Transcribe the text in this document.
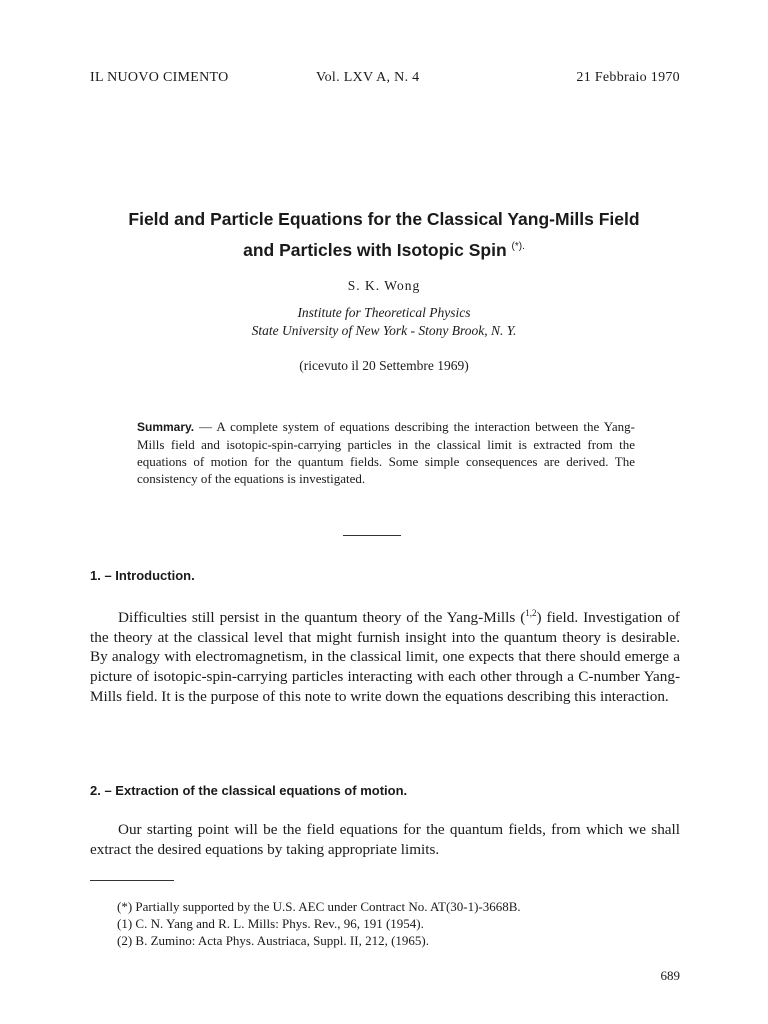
IL NUOVO CIMENTO	Vol. LXV A, N. 4	21 Febbraio 1970
Field and Particle Equations for the Classical Yang-Mills Field
and Particles with Isotopic Spin (*).
S. K. Wong
Institute for Theoretical Physics
State University of New York - Stony Brook, N. Y.
(ricevuto il 20 Settembre 1969)
Summary. — A complete system of equations describing the interaction between the Yang-Mills field and isotopic-spin-carrying particles in the classical limit is extracted from the equations of motion for the quantum fields. Some simple consequences are derived. The consistency of the equations is investigated.
1. – Introduction.
Difficulties still persist in the quantum theory of the Yang-Mills ($^{1,2}$) field. Investigation of the theory at the classical level that might furnish insight into the quantum theory is desirable. By analogy with electromagnetism, in the classical limit, one expects that there should emerge a picture of isotopic-spin-carrying particles interacting with each other through a C-number Yang-Mills field. It is the purpose of this note to write down the equations describing this interaction.
2. – Extraction of the classical equations of motion.
Our starting point will be the field equations for the quantum fields, from which we shall extract the desired equations by taking appropriate limits.
(*) Partially supported by the U.S. AEC under Contract No. AT(30-1)-3668B.
(1) C. N. Yang and R. L. Mills: Phys. Rev., 96, 191 (1954).
(2) B. Zumino: Acta Phys. Austriaca, Suppl. II, 212, (1965).
689
